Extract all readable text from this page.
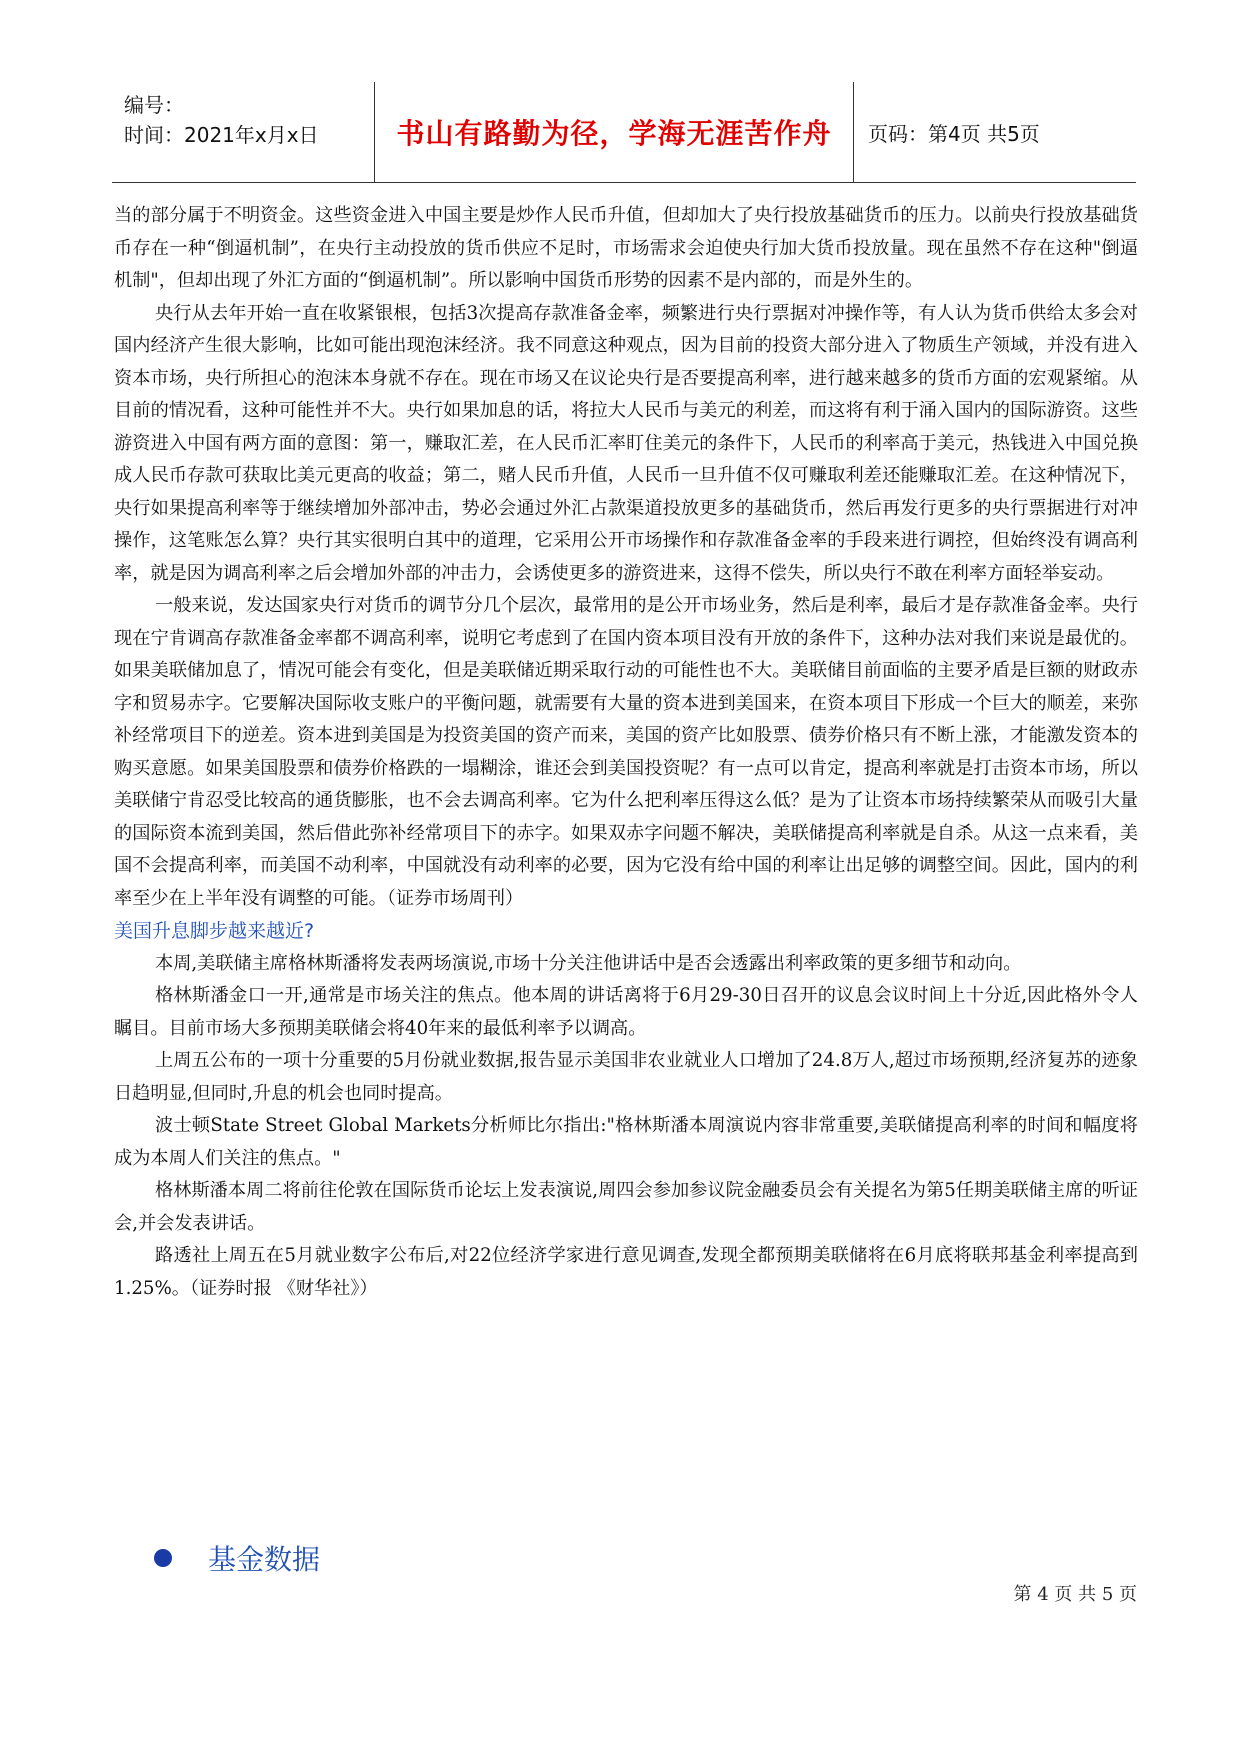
编号：
时间：2021年x月x日	书山有路勤为径，学海无涯苦作舟 页码：第4页 共5页

当的部分属于不明资金。这些资金进入中国主要是炒作人民币升值，但却加大了央行投放基础货币的压力。以前央行投放基础货币存在一种“倒逼机制”，在央行主动投放的货币供应不足时，市场需求会迫使央行加大货币投放量。现在虽然不存在这种"倒逼机制"，但却出现了外汇方面的“倒逼机制”。所以影响中国货币形势的因素不是内部的，而是外生的。

央行从去年开始一直在收紧银根，包括3次提高存款准备金率，频繁进行央行票据对冲操作等，有人认为货币供给太多会对国内经济产生很大影响，比如可能出现泡沫经济。我不同意这种观点，因为目前的投资大部分进入了物质生产领域，并没有进入资本市场，央行所担心的泡沫本身就不存在。现在市场又在议论央行是否要提高利率，进行越来越多的货币方面的宏观紧缩。从目前的情况看，这种可能性并不大。央行如果加息的话，将拉大人民币与美元的利差，而这将有利于涌入国内的国际游资。这些游资进入中国有两方面的意图：第一，赚取汇差，在人民币汇率盯住美元的条件下，人民币的利率高于美元，热钱进入中国兑换成人民币存款可获取比美元更高的收益；第二，赌人民币升值，人民币一旦升值不仅可赚取利差还能赚取汇差。在这种情况下，央行如果提高利率等于继续增加外部冲击，势必会通过外汇占款渠道投放更多的基础货币，然后再发行更多的央行票据进行对冲操作，这笔账怎么算？央行其实很明白其中的道理，它采用公开市场操作和存款准备金率的手段来进行调控，但始终没有调高利率，就是因为调高利率之后会增加外部的冲击力，会诱使更多的游资进来，这得不偿失，所以央行不敢在利率方面轻举妄动。

一般来说，发达国家央行对货币的调节分几个层次，最常用的是公开市场业务，然后是利率，最后才是存款准备金率。央行现在宁肯调高存款准备金率都不调高利率，说明它考虑到了在国内资本项目没有开放的条件下，这种办法对我们来说是最优的。如果美联储加息了，情况可能会有变化，但是美联储近期采取行动的可能性也不大。美联储目前面临的主要矛盾是巨额的财政赤字和贸易赤字。它要解决国际收支账户的平衡问题，就需要有大量的资本进到美国来，在资本项目下形成一个巨大的顺差，来弥补经常项目下的逆差。资本进到美国是为投资美国的资产而来，美国的资产比如股票、债券价格只有不断上涨，才能激发资本的购买意愿。如果美国股票和债券价格跌的一塌糊涂，谁还会到美国投资呢？有一点可以肯定，提高利率就是打击资本市场，所以美联储宁肯忍受比较高的通货膨胀，也不会去调高利率。它为什么把利率压得这么低？是为了让资本市场持续繁荣从而吸引大量的国际资本流到美国，然后借此弥补经常项目下的赤字。如果双赤字问题不解决，美联储提高利率就是自杀。从这一点来看，美国不会提高利率，而美国不动利率，中国就没有动利率的必要，因为它没有给中国的利率让出足够的调整空间。因此，国内的利率至少在上半年没有调整的可能。（证券市场周刊）

美国升息脚步越来越近?

本周,美联储主席格林斯潘将发表两场演说,市场十分关注他讲话中是否会透露出利率政策的更多细节和动向。

格林斯潘金口一开,通常是市场关注的焦点。他本周的讲话离将于6月29-30日召开的议息会议时间上十分近,因此格外令人瞩目。目前市场大多预期美联储会将40年来的最低利率予以调高。

上周五公布的一项十分重要的5月份就业数据,报告显示美国非农业就业人口增加了24.8万人,超过市场预期,经济复苏的迹象日趋明显,但同时,升息的机会也同时提高。

波士顿State Street Global Markets分析师比尔指出:"格林斯潘本周演说内容非常重要,美联储提高利率的时间和幅度将成为本周人们关注的焦点。"

格林斯潘本周二将前往伦敦在国际货币论坛上发表演说,周四会参加参议院金融委员会有关提名为第5任期美联储主席的听证会,并会发表讲话。

路透社上周五在5月就业数字公布后,对22位经济学家进行意见调查,发现全都预期美联储将在6月底将联邦基金利率提高到1.25%。（证券时报 《财华社》）

基金数据
第 4 页 共 5 页
